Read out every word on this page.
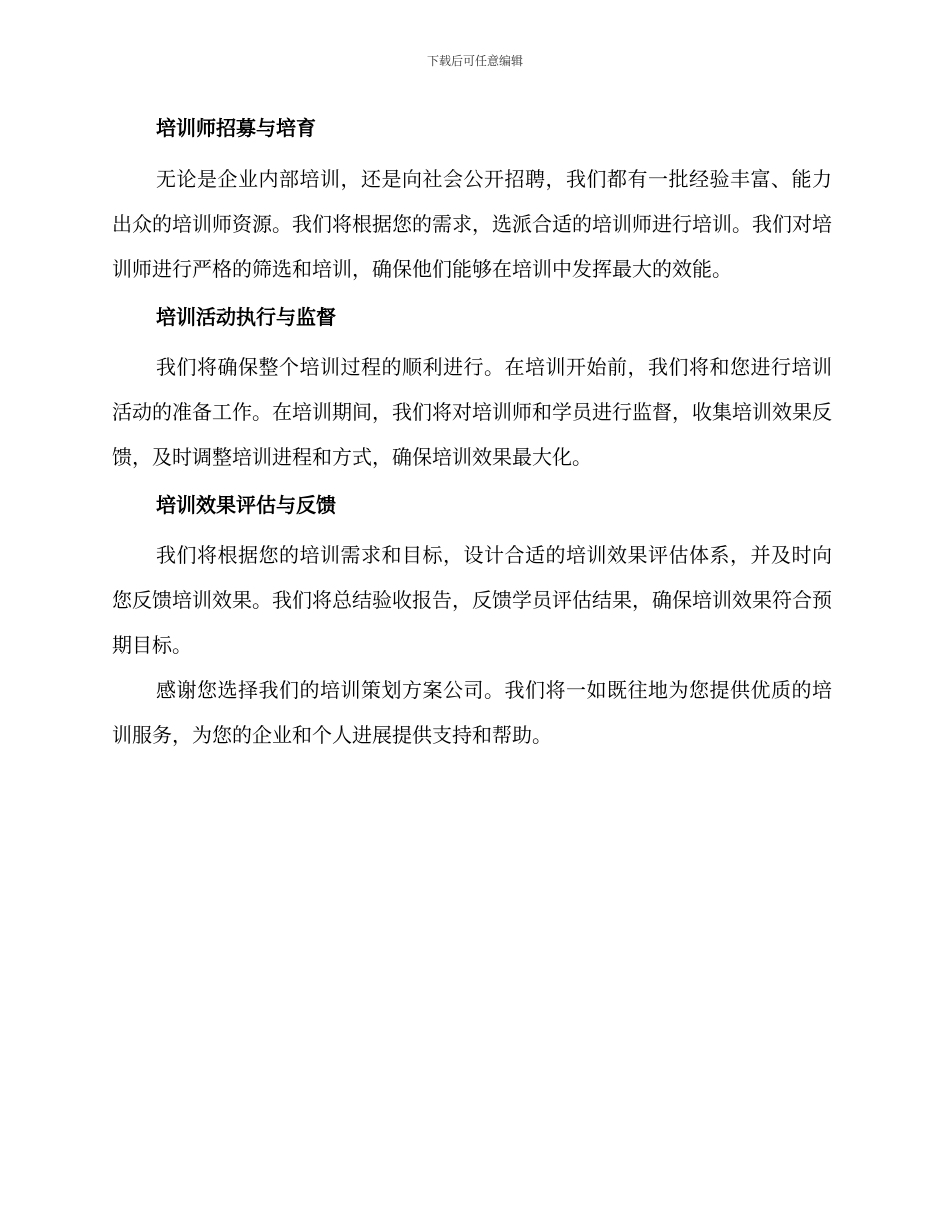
下载后可任意编辑
培训师招募与培育

无论是企业内部培训，还是向社会公开招聘，我们都有一批经验丰富、能力出众的培训师资源。我们将根据您的需求，选派合适的培训师进行培训。我们对培训师进行严格的筛选和培训，确保他们能够在培训中发挥最大的效能。

培训活动执行与监督

我们将确保整个培训过程的顺利进行。在培训开始前，我们将和您进行培训活动的准备工作。在培训期间，我们将对培训师和学员进行监督，收集培训效果反馈，及时调整培训进程和方式，确保培训效果最大化。

培训效果评估与反馈

我们将根据您的培训需求和目标，设计合适的培训效果评估体系，并及时向您反馈培训效果。我们将总结验收报告，反馈学员评估结果，确保培训效果符合预期目标。

感谢您选择我们的培训策划方案公司。我们将一如既往地为您提供优质的培训服务，为您的企业和个人进展提供支持和帮助。
